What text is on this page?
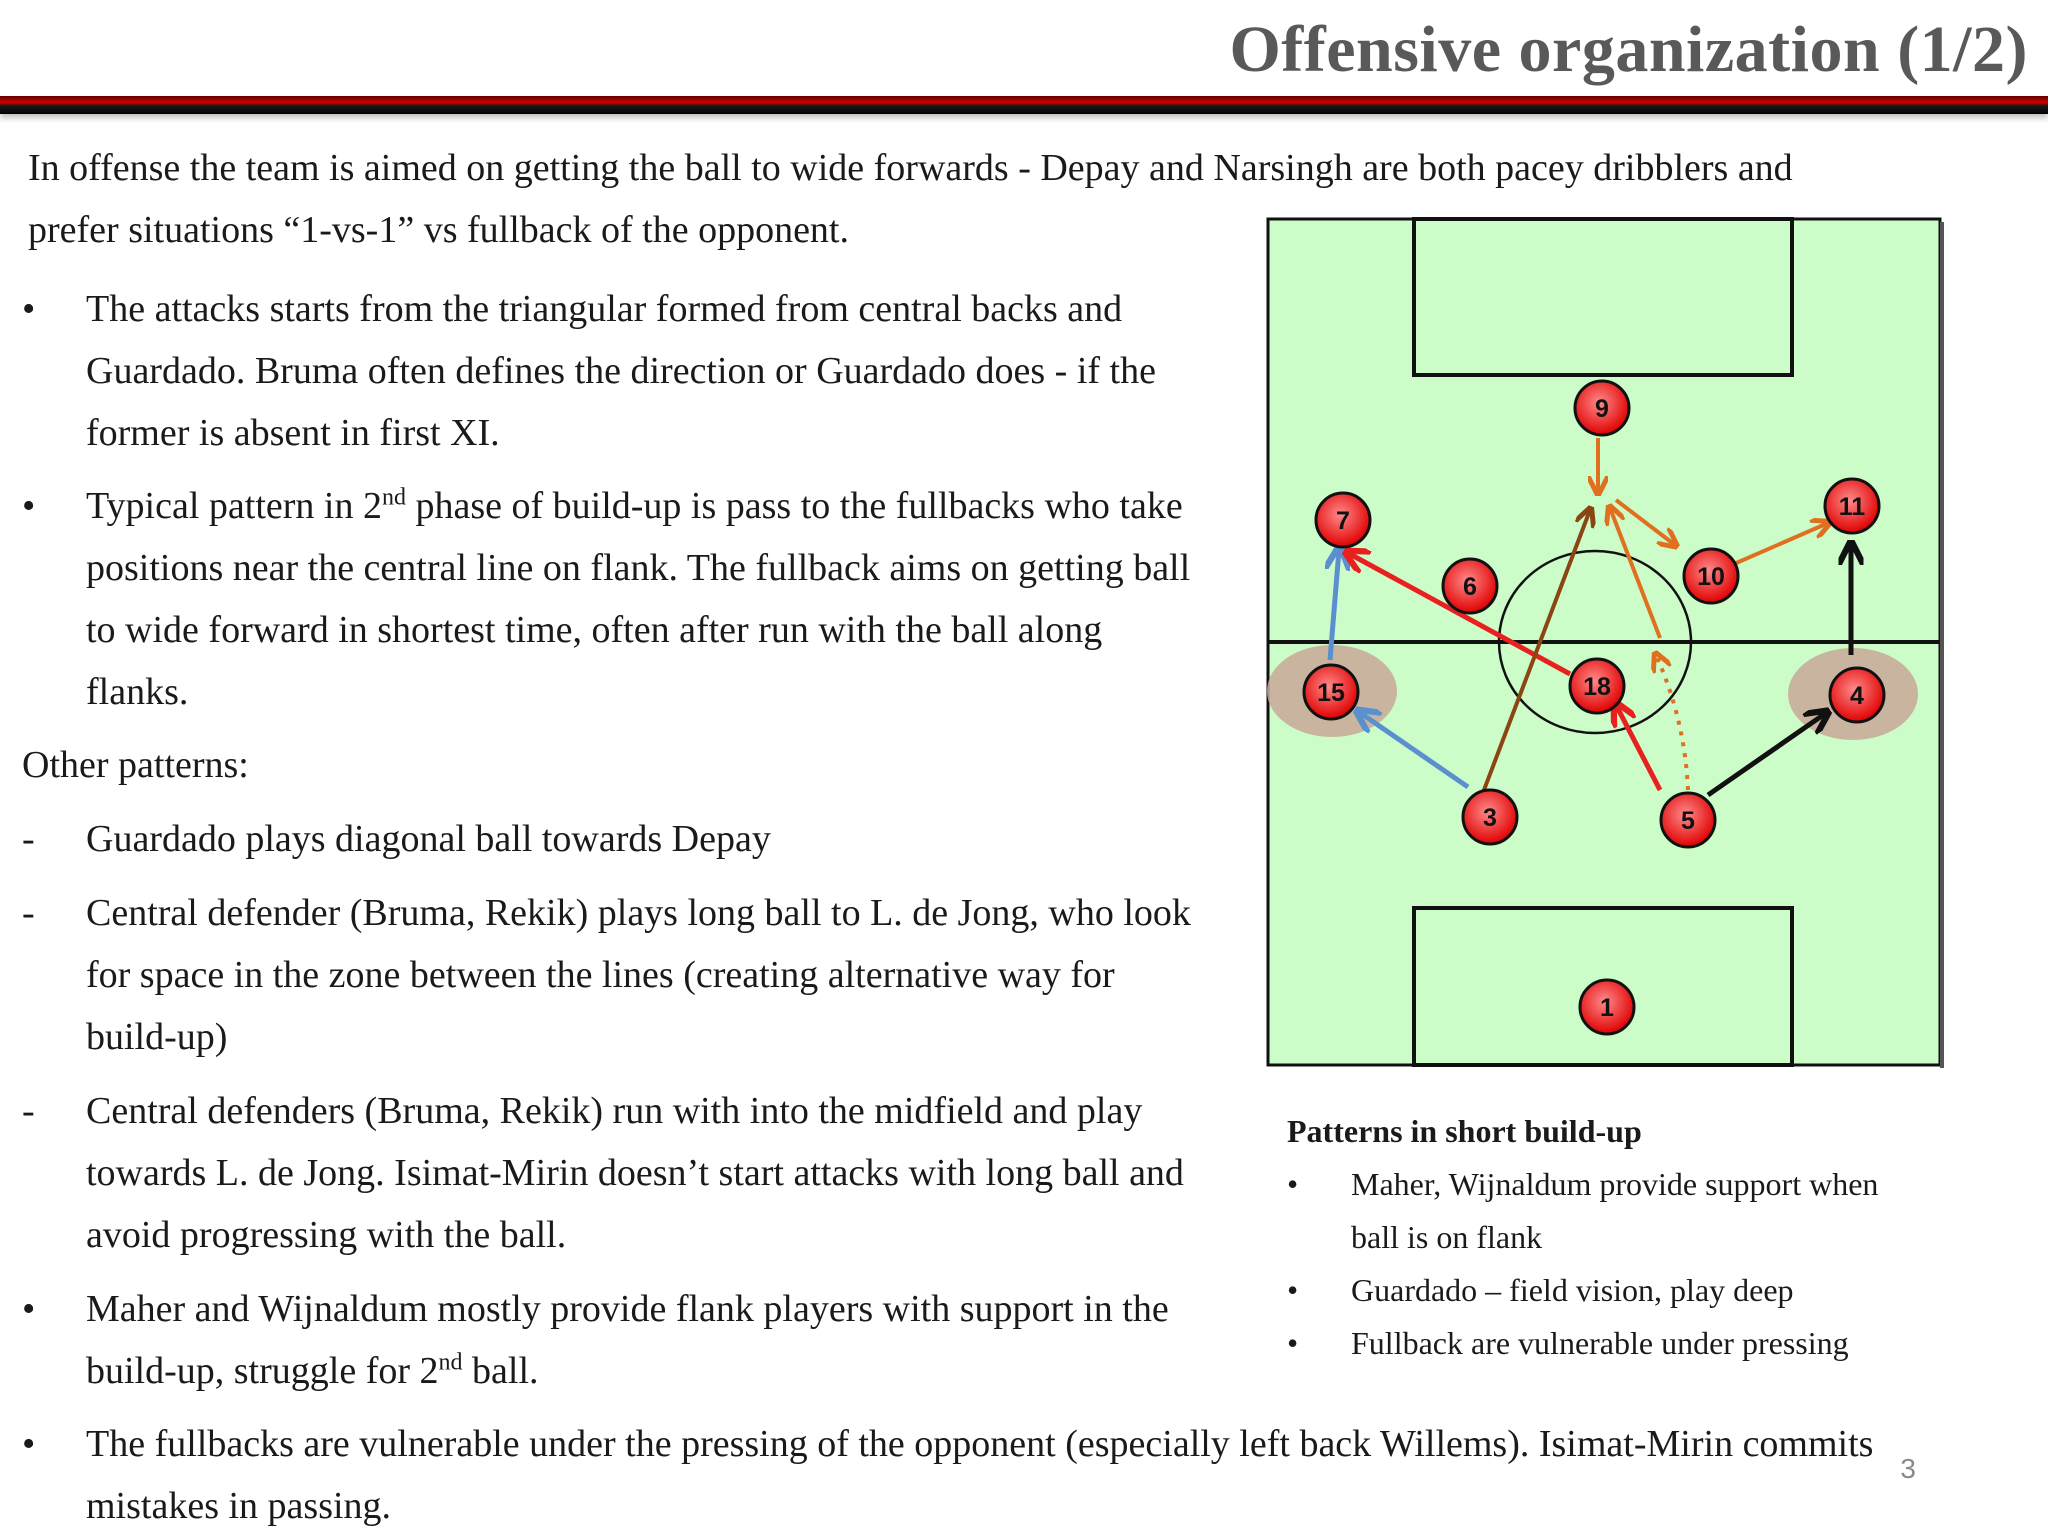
Offensive organization (1/2)
In offense the team is aimed on getting the ball to wide forwards - Depay and Narsingh are both pacey dribblers and
prefer situations “1-vs-1” vs fullback of the opponent.
•	The attacks starts from the triangular formed from central backs and
Guardado. Bruma often defines the direction or Guardado does - if the
former is absent in first XI.
•	Typical pattern in 2nd phase of build-up is pass to the fullbacks who take
positions near the central line on flank. The fullback aims on getting ball
to wide forward in shortest time, often after run with the ball along
flanks.
Other patterns:
-	Guardado plays diagonal ball towards Depay
-	Central defender (Bruma, Rekik) plays long ball to L. de Jong, who look
for space in the zone between the lines (creating alternative way for
build-up)
-	Central defenders (Bruma, Rekik) run with into the midfield and play
towards L. de Jong. Isimat-Mirin doesn’t start attacks with long ball and
avoid progressing with the ball.
•	Maher and Wijnaldum mostly provide flank players with support in the
build-up, struggle for 2nd ball.
•	The fullbacks are vulnerable under the pressing of the opponent (especially left back Willems). Isimat-Mirin commits
mistakes in passing.
9
7	11
6	10
15	18	4
3	5
1
Patterns in short build-up
• Maher, Wijnaldum provide support when
ball is on flank
• Guardado – field vision, play deep
• Fullback are vulnerable under pressing
3
